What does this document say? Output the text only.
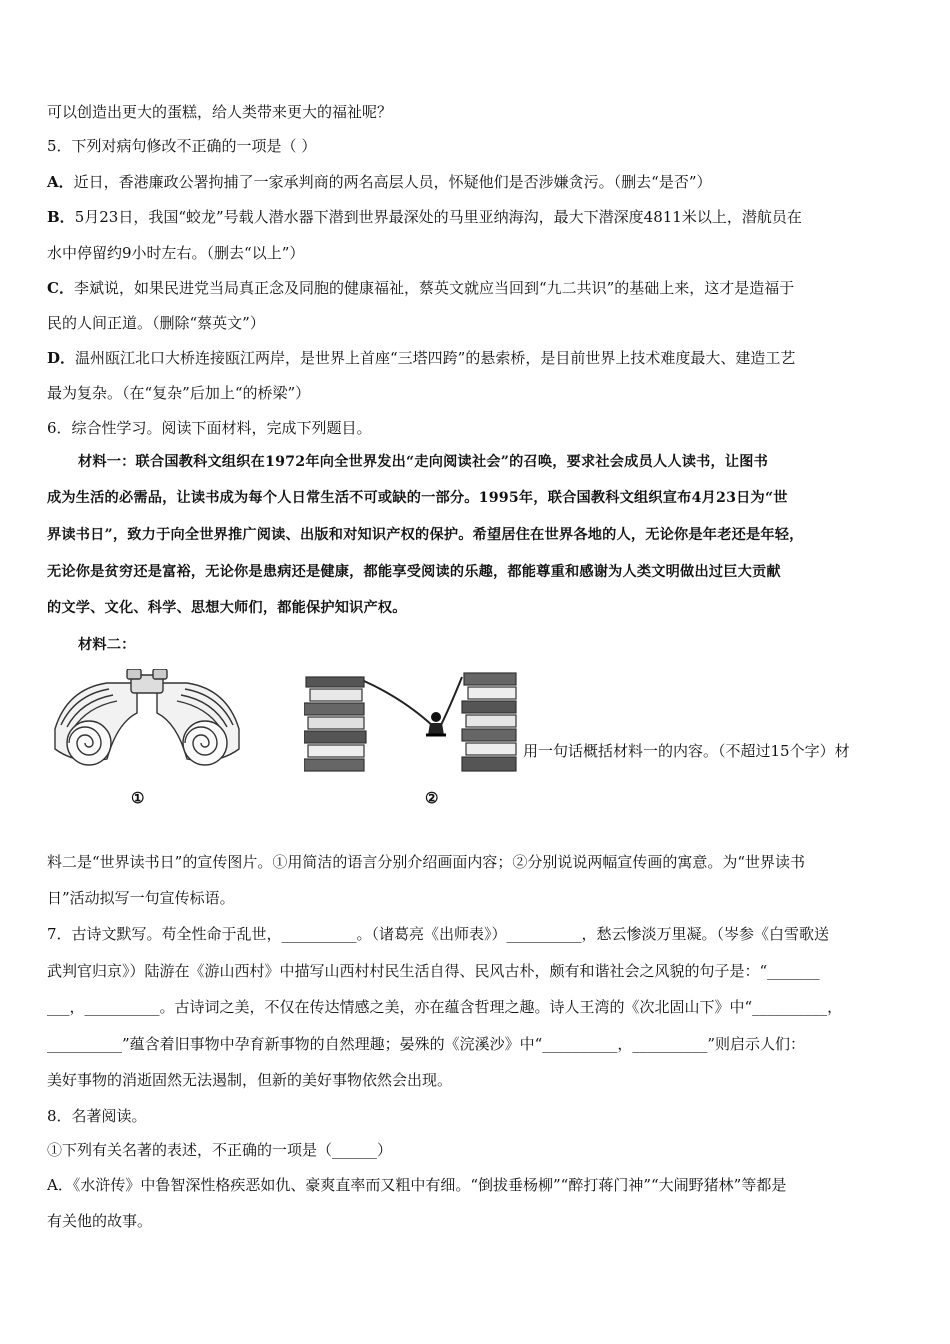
可以创造出更大的蛋糕，给人类带来更大的福祉呢？
5．下列对病句修改不正确的一项是（ ）
A．近日，香港廉政公署拘捕了一家承判商的两名高层人员，怀疑他们是否涉嫌贪污。（删去“是否”）
B．5月23日，我国“蛟龙”号载人潜水器下潜到世界最深处的马里亚纳海沟，最大下潜深度4811米以上，潜航员在
水中停留约9小时左右。（删去“以上”）
C．李斌说，如果民进党当局真正念及同胞的健康福祉，蔡英文就应当回到“九二共识”的基础上来，这才是造福于
民的人间正道。（删除“蔡英文”）
D．温州瓯江北口大桥连接瓯江两岸，是世界上首座“三塔四跨”的悬索桥，是目前世界上技术难度最大、建造工艺
最为复杂。（在“复杂”后加上“的桥梁”）
6．综合性学习。阅读下面材料，完成下列题目。
材料一：联合国教科文组织在1972年向全世界发出“走向阅读社会”的召唤，要求社会成员人人读书，让图书
成为生活的必需品，让读书成为每个人日常生活不可或缺的一部分。1995年，联合国教科文组织宣布4月23日为“世
界读书日”，致力于向全世界推广阅读、出版和对知识产权的保护。希望居住在世界各地的人，无论你是年老还是年轻，
无论你是贫穷还是富裕，无论你是患病还是健康，都能享受阅读的乐趣，都能尊重和感谢为人类文明做出过巨大贡献
的文学、文化、科学、思想大师们，都能保护知识产权。
材料二：
①	②
用一句话概括材料一的内容。（不超过15个字）材
料二是“世界读书日”的宣传图片。①用简洁的语言分别介绍画面内容；②分别说说两幅宣传画的寓意。为“世界读书
日”活动拟写一句宣传标语。
7．古诗文默写。苟全性命于乱世，__________。（诸葛亮《出师表》）__________，愁云惨淡万里凝。（岑参《白雪歌送
武判官归京》）陆游在《游山西村》中描写山西村村民生活自得、民风古朴，颇有和谐社会之风貌的句子是：“_______
___，__________。古诗词之美，不仅在传达情感之美，亦在蕴含哲理之趣。诗人王湾的《次北固山下》中“__________，
__________”蕴含着旧事物中孕育新事物的自然理趣；晏殊的《浣溪沙》中“__________，__________”则启示人们：
美好事物的消逝固然无法遏制，但新的美好事物依然会出现。
8．名著阅读。
①下列有关名著的表述，不正确的一项是（______）
A．《水浒传》中鲁智深性格疾恶如仇、豪爽直率而又粗中有细。“倒拔垂杨柳”“醉打蒋门神”“大闹野猪林”等都是
有关他的故事。
